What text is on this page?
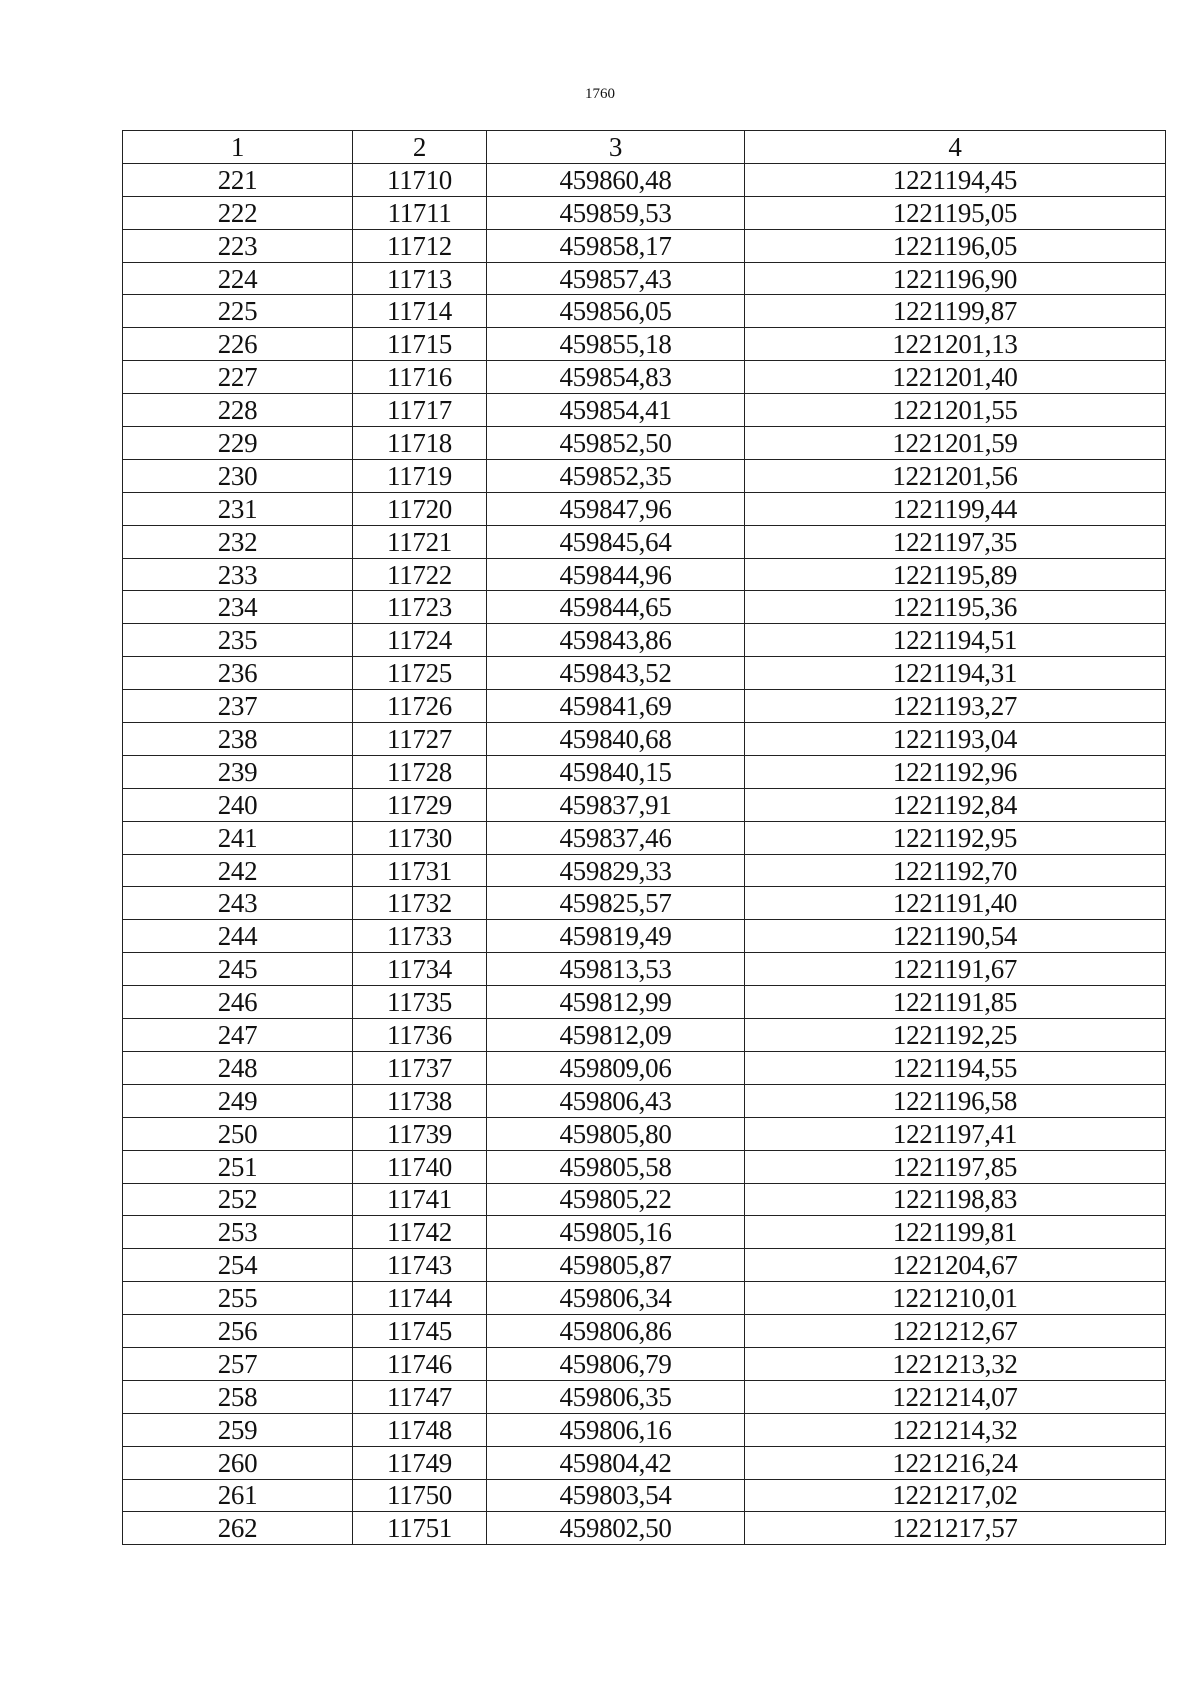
1760
1	2	3	4
221	11710	459860,48	1221194,45
222	11711	459859,53	1221195,05
223	11712	459858,17	1221196,05
224	11713	459857,43	1221196,90
225	11714	459856,05	1221199,87
226	11715	459855,18	1221201,13
227	11716	459854,83	1221201,40
228	11717	459854,41	1221201,55
229	11718	459852,50	1221201,59
230	11719	459852,35	1221201,56
231	11720	459847,96	1221199,44
232	11721	459845,64	1221197,35
233	11722	459844,96	1221195,89
234	11723	459844,65	1221195,36
235	11724	459843,86	1221194,51
236	11725	459843,52	1221194,31
237	11726	459841,69	1221193,27
238	11727	459840,68	1221193,04
239	11728	459840,15	1221192,96
240	11729	459837,91	1221192,84
241	11730	459837,46	1221192,95
242	11731	459829,33	1221192,70
243	11732	459825,57	1221191,40
244	11733	459819,49	1221190,54
245	11734	459813,53	1221191,67
246	11735	459812,99	1221191,85
247	11736	459812,09	1221192,25
248	11737	459809,06	1221194,55
249	11738	459806,43	1221196,58
250	11739	459805,80	1221197,41
251	11740	459805,58	1221197,85
252	11741	459805,22	1221198,83
253	11742	459805,16	1221199,81
254	11743	459805,87	1221204,67
255	11744	459806,34	1221210,01
256	11745	459806,86	1221212,67
257	11746	459806,79	1221213,32
258	11747	459806,35	1221214,07
259	11748	459806,16	1221214,32
260	11749	459804,42	1221216,24
261	11750	459803,54	1221217,02
262	11751	459802,50	1221217,57
